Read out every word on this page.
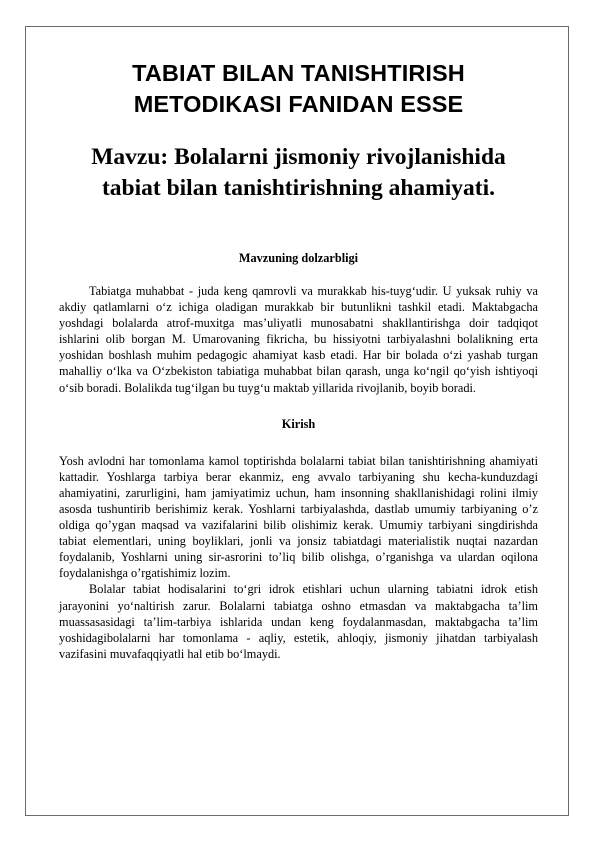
TABIAT BILAN TANISHTIRISH METODIKASI FANIDAN ESSE
Mavzu: Bolalarni jismoniy rivojlanishida tabiat bilan tanishtirishning ahamiyati.
Mavzuning dolzarbligi

Tabiatga muhabbat - juda keng qamrovli va murakkab his-tuyg‘udir. U yuksak ruhiy va akdiy qatlamlarni o‘z ichiga oladigan murakkab bir butunlikni tashkil etadi. Maktabgacha yoshdagi bolalarda atrof-muxitga mas’uliyatli munosabatni shakllantirishga doir tadqiqot ishlarini olib borgan M. Umarovaning fikricha, bu hissiyotni tarbiyalashni bolalikning erta yoshidan boshlash muhim pedagogic ahamiyat kasb etadi. Har bir bolada o‘zi yashab turgan mahalliy o‘lka va O‘zbekiston tabiatiga muhabbat bilan qarash, unga ko‘ngil qo‘yish ishtiyoqi o‘sib boradi. Bolalikda tug‘ilgan bu tuyg‘u maktab yillarida rivojlanib, boyib boradi.

Kirish

Yosh avlodni har tomonlama kamol toptirishda bolalarni tabiat bilan tanishtirishning ahamiyati kattadir. Yoshlarga tarbiya berar ekanmiz, eng avvalo tarbiyaning shu kecha-kunduzdagi ahamiyatini, zarurligini, ham jamiyatimiz uchun, ham insonning shakllanishidagi rolini ilmiy asosda tushuntirib berishimiz kerak. Yoshlarni tarbiyalashda, dastlab umumiy tarbiyaning o’z oldiga qo’ygan maqsad va vazifalarini bilib olishimiz kerak. Umumiy tarbiyani singdirishda tabiat elementlari, uning boyliklari, jonli va jonsiz tabiatdagi materialistik nuqtai nazardan foydalanib, Yoshlarni uning sir-asrorini to’liq bilib olishga, o’rganishga va ulardan oqilona foydalanishga o’rgatishimiz lozim.

Bolalar tabiat hodisalarini to‘gri idrok etishlari uchun ularning tabiatni idrok etish jarayonini yo‘naltirish zarur. Bolalarni tabiatga oshno etmasdan va maktabgacha ta’lim muassasasidagi ta’lim-tarbiya ishlarida undan keng foydalanmasdan, maktabgacha ta’lim yoshidagibolalarni har tomonlama - aqliy, estetik, ahloqiy, jismoniy jihatdan tarbiyalash vazifasini muvafaqqiyatli hal etib bo‘lmaydi.
